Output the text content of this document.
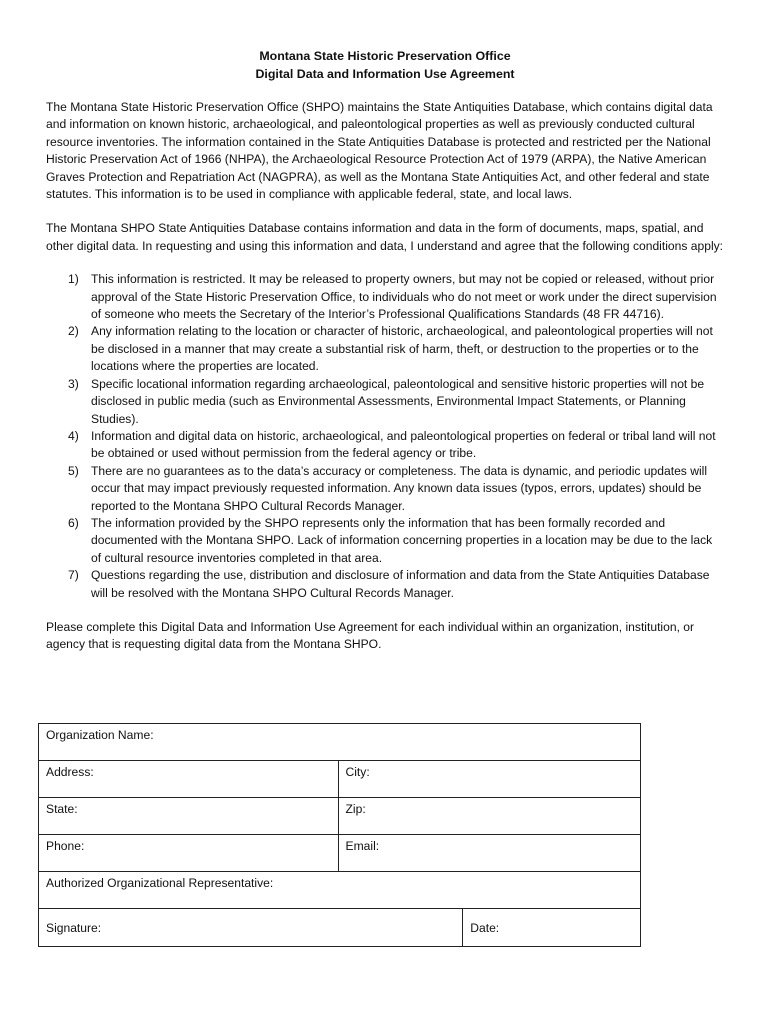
Montana State Historic Preservation Office

Digital Data and Information Use Agreement

The Montana State Historic Preservation Office (SHPO) maintains the State Antiquities Database, which contains digital data and information on known historic, archaeological, and paleontological properties as well as previously conducted cultural resource inventories. The information contained in the State Antiquities Database is protected and restricted per the National Historic Preservation Act of 1966 (NHPA), the Archaeological Resource Protection Act of 1979 (ARPA), the Native American Graves Protection and Repatriation Act (NAGPRA), as well as the Montana State Antiquities Act, and other federal and state statutes. This information is to be used in compliance with applicable federal, state, and local laws.

The Montana SHPO State Antiquities Database contains information and data in the form of documents, maps, spatial, and other digital data. In requesting and using this information and data, I understand and agree that the following conditions apply:

1) This information is restricted. It may be released to property owners, but may not be copied or released, without prior approval of the State Historic Preservation Office, to individuals who do not meet or work under the direct supervision of someone who meets the Secretary of the Interior’s Professional Qualifications Standards (48 FR 44716).
2) Any information relating to the location or character of historic, archaeological, and paleontological properties will not be disclosed in a manner that may create a substantial risk of harm, theft, or destruction to the properties or to the locations where the properties are located.
3) Specific locational information regarding archaeological, paleontological and sensitive historic properties will not be disclosed in public media (such as Environmental Assessments, Environmental Impact Statements, or Planning Studies).
4) Information and digital data on historic, archaeological, and paleontological properties on federal or tribal land will not be obtained or used without permission from the federal agency or tribe.
5) There are no guarantees as to the data’s accuracy or completeness. The data is dynamic, and periodic updates will occur that may impact previously requested information. Any known data issues (typos, errors, updates) should be reported to the Montana SHPO Cultural Records Manager.
6) The information provided by the SHPO represents only the information that has been formally recorded and documented with the Montana SHPO. Lack of information concerning properties in a location may be due to the lack of cultural resource inventories completed in that area.
7) Questions regarding the use, distribution and disclosure of information and data from the State Antiquities Database will be resolved with the Montana SHPO Cultural Records Manager.

Please complete this Digital Data and Information Use Agreement for each individual within an organization, institution, or agency that is requesting digital data from the Montana SHPO.

Organization Name:		
Address:	City:	
State:	Zip:	
Phone:	Email:	
Authorized Organizational Representative:		
Signature:		Date:
